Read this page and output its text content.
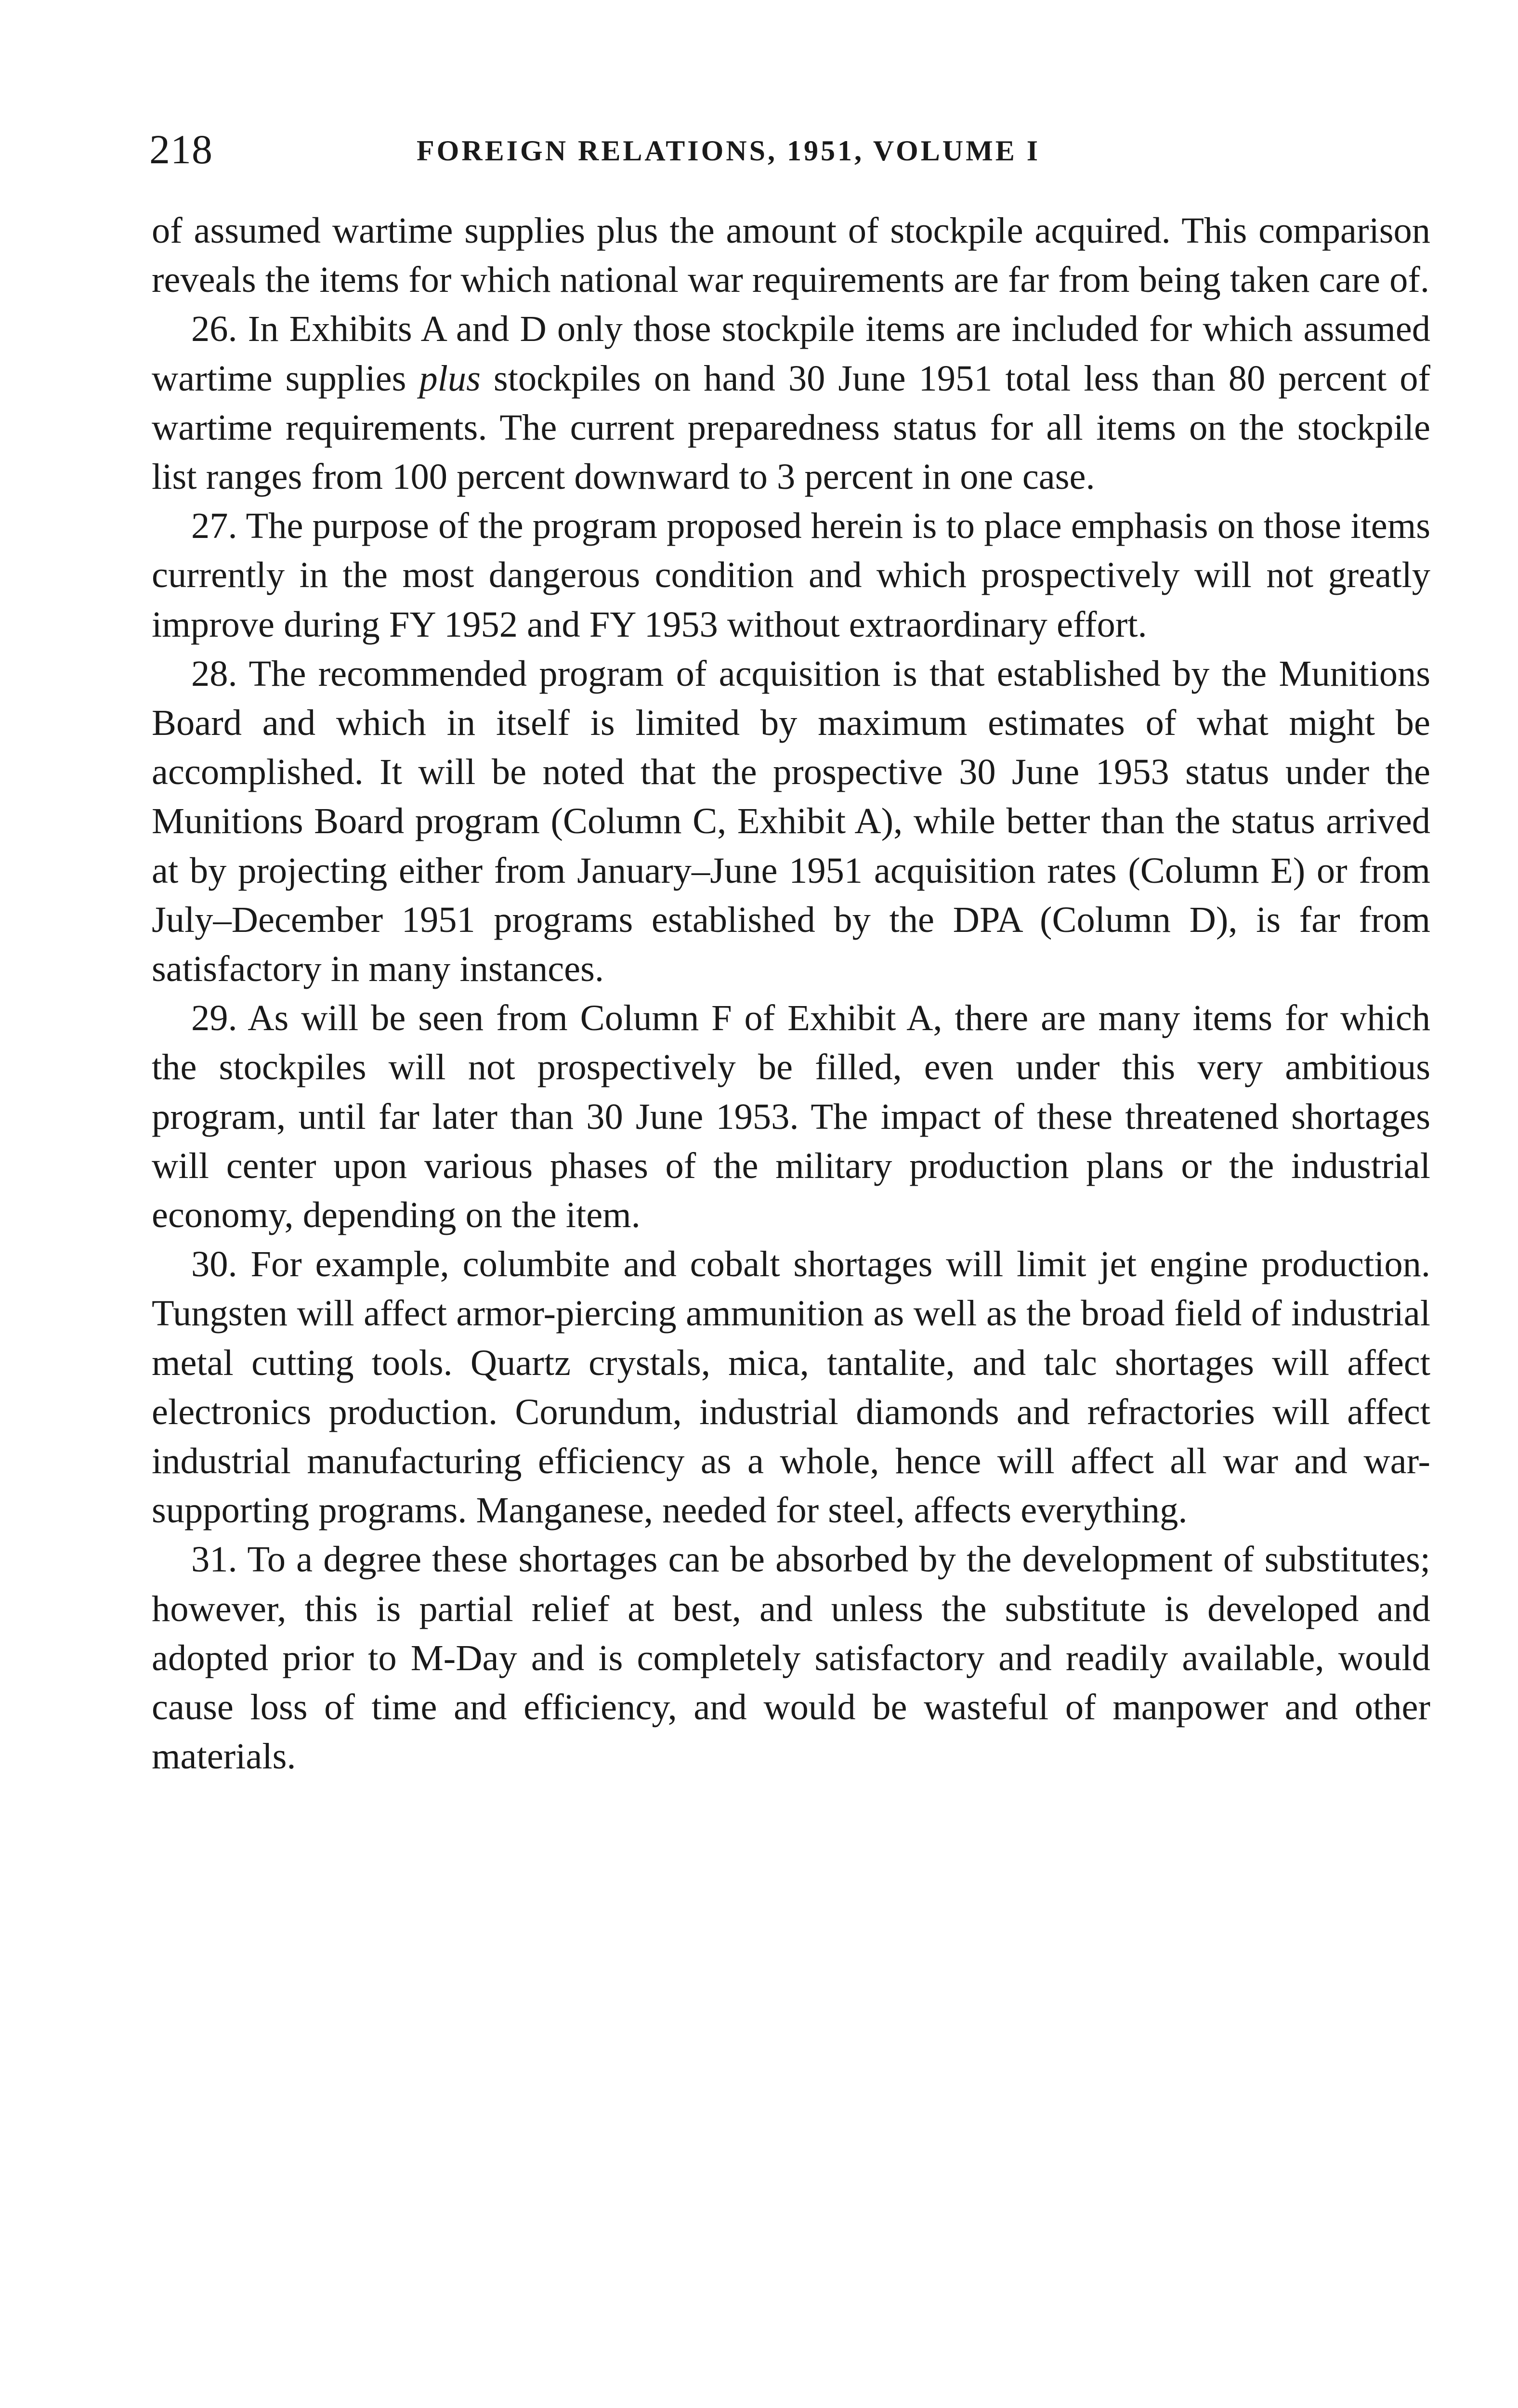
218	FOREIGN RELATIONS, 1951, VOLUME I

of assumed wartime supplies plus the amount of stockpile acquired. This comparison reveals the items for which national war requirements are far from being taken care of.

26. In Exhibits A and D only those stockpile items are included for which assumed wartime supplies plus stockpiles on hand 30 June 1951 total less than 80 percent of wartime requirements. The current preparedness status for all items on the stockpile list ranges from 100 percent downward to 3 percent in one case.

27. The purpose of the program proposed herein is to place emphasis on those items currently in the most dangerous condition and which prospectively will not greatly improve during FY 1952 and FY 1953 without extraordinary effort.

28. The recommended program of acquisition is that established by the Munitions Board and which in itself is limited by maximum estimates of what might be accomplished. It will be noted that the prospective 30 June 1953 status under the Munitions Board program (Column C, Exhibit A), while better than the status arrived at by projecting either from January–June 1951 acquisition rates (Column E) or from July–December 1951 programs established by the DPA (Column D), is far from satisfactory in many instances.

29. As will be seen from Column F of Exhibit A, there are many items for which the stockpiles will not prospectively be filled, even under this very ambitious program, until far later than 30 June 1953. The impact of these threatened shortages will center upon various phases of the military production plans or the industrial economy, depending on the item.

30. For example, columbite and cobalt shortages will limit jet engine production. Tungsten will affect armor-piercing ammunition as well as the broad field of industrial metal cutting tools. Quartz crystals, mica, tantalite, and talc shortages will affect electronics production. Corundum, industrial diamonds and refractories will affect industrial manufacturing efficiency as a whole, hence will affect all war and war-supporting programs. Manganese, needed for steel, affects everything.

31. To a degree these shortages can be absorbed by the development of substitutes; however, this is partial relief at best, and unless the substitute is developed and adopted prior to M-Day and is completely satisfactory and readily available, would cause loss of time and efficiency, and would be wasteful of manpower and other materials.
